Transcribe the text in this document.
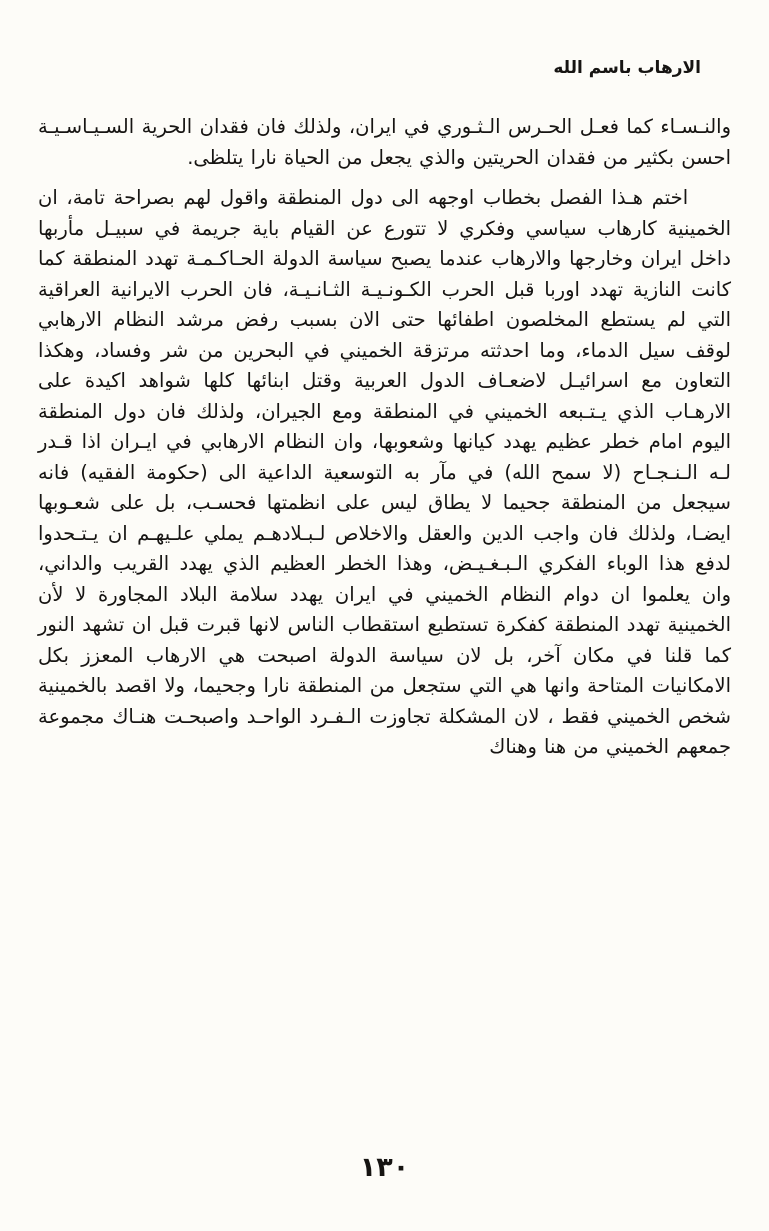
الارهاب باسم الله

والنـسـاء كما فعـل الحـرس الـثـوري في ايران، ولذلك فان فقدان الحرية السـيـاسـيـة احسن بكثير من فقدان الحريتين والذي يجعل من الحياة نارا يتلظى.

اختم هـذا الفصل بخطاب اوجهه الى دول المنطقة واقول لهم بصراحة تامة، ان الخمينية كارهاب سياسي وفكري لا تتورع عن القيام باية جريمة في سبيـل مأربها داخل ايران وخارجها والارهاب عندما يصبح سياسة الدولة الحـاكـمـة تهدد المنطقة كما كانت النازية تهدد اوربا قبل الحرب الكـونـيـة الثـانـيـة، فان الحرب الايرانية العراقية التي لم يستطع المخلصون اطفائها حتى الان بسبب رفض مرشد النظام الارهابي لوقف سيل الدماء، وما احدثته مرتزقة الخميني في البحرين من شر وفساد، وهكذا التعاون مع اسرائيـل لاضعـاف الدول العربية وقتل ابنائها كلها شواهد اكيدة على الارهـاب الذي يـتـبعه الخميني في المنطقة ومع الجيران، ولذلك فان دول المنطقة اليوم امام خطر عظيم يهدد كيانها وشعوبها، وان النظام الارهابي في ايـران اذا قـدر لـه الـنـجـاح (لا سمح الله) في مآر به التوسعية الداعية الى (حكومة الفقيه) فانه سيجعل من المنطقة جحيما لا يطاق ليس على انظمتها فحسـب، بل على شعـوبها ايضـا، ولذلك فان واجب الدين والعقل والاخلاص لـبـلادهـم يملي علـيهـم ان يـتـحدوا لدفع هذا الوباء الفكري الـبـغـيـض، وهذا الخطر العظيم الذي يهدد القريب والداني، وان يعلموا ان دوام النظام الخميني في ايران يهدد سلامة البلاد المجاورة لا لأن الخمينية تهدد المنطقة كفكرة تستطيع استقطاب الناس لانها قبرت قبل ان تشهد النور كما قلنا في مكان آخر، بل لان سياسة الدولة اصبحت هي الارهاب المعزز بكل الامكانيات المتاحة وانها هي التي ستجعل من المنطقة نارا وجحيما، ولا اقصد بالخمينية شخص الخميني فقط ، لان المشكلة تجاوزت الـفـرد الواحـد واصبحـت هنـاك مجموعة جمعهم الخميني من هنا وهناك

١٣٠
